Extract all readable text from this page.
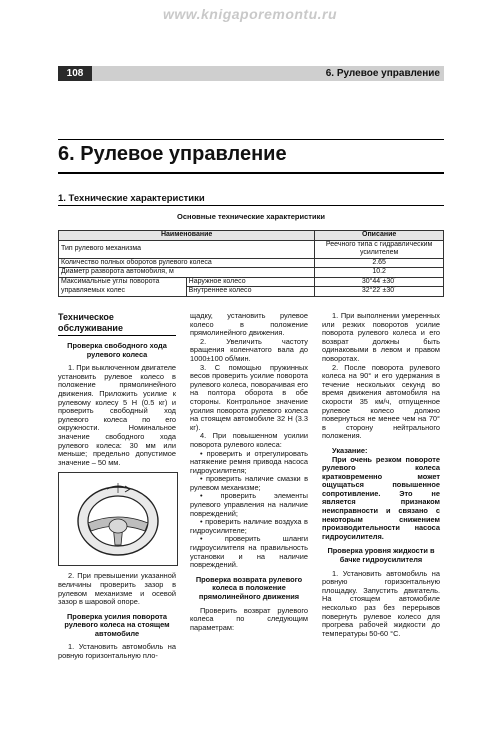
www.knigaporemontu.ru
108	6. Рулевое управление
6. Рулевое управление
1. Технические характеристики
Основные технические характеристики
Наименование		Описание
Тип рулевого механизма		Реечного типа с гидравлическим усилителем
Количество полных оборотов рулевого колеса		2.65
Диаметр разворота автомобиля, м		10.2
Максимальные углы поворота управляемых колес	Наружное колесо	30°44´±30´
	Внутреннее колесо	32°22´±30´

Техническое обслуживание

Проверка свободного хода рулевого колеса

1. При выключенном двигателе установить рулевое колесо в положение прямолинейного движения. Приложить усилие к рулевому колесу 5 Н (0.5 кг) и проверить свободный ход рулевого колеса по его окружности. Номинальное значение свободного хода рулевого колеса: 30 мм или меньше; предельно допустимое значение – 50 мм.

2. При превышении указанной величины проверить зазор в рулевом механизме и осевой зазор в шаровой опоре.

Проверка усилия поворота рулевого колеса на стоящем автомобиле

1. Установить автомобиль на ровную горизонтальную пло-

щадку, установить рулевое колесо в положение прямолинейного движения.

2. Увеличить частоту вращения коленчатого вала до 1000±100 об/мин.

3. С помощью пружинных весов проверить усилие поворота рулевого колеса, поворачивая его на полтора оборота в обе стороны. Контрольное значение усилия поворота рулевого колеса на стоящем автомобиле 32 Н (3.3 кг).

4. При повышенном усилии поворота рулевого колеса:

• проверить и отрегулировать натяжение ремня привода насоса гидроусилителя;

• проверить наличие смазки в рулевом механизме;

• проверить элементы рулевого управления на наличие повреждений;

• проверить наличие воздуха в гидроусилителе;

• проверить шланги гидроусилителя на правильность установки и на наличие повреждений.

Проверка возврата рулевого колеса в положение прямолинейного движения

Проверить возврат рулевого колеса по следующим параметрам:

1. При выполнении умеренных или резких поворотов усилие поворота рулевого колеса и его возврат должны быть одинаковыми в левом и правом поворотах.

2. После поворота рулевого колеса на 90° и его удержания в течение нескольких секунд во время движения автомобиля на скорости 35 км/ч, отпущенное рулевое колесо должно повернуться не менее чем на 70° в сторону нейтрального положения.

Указание:

При очень резком повороте рулевого колеса кратковременно может ощущаться повышенное сопротивление. Это не является признаком неисправности и связано с некоторым снижением производительности насоса гидроусилителя.

Проверка уровня жидкости в бачке гидроусилителя

1. Установить автомобиль на ровную горизонтальную площадку. Запустить двигатель. На стоящем автомобиле несколько раз без перерывов повернуть рулевое колесо для прогрева рабочей жидкости до температуры 50-60 °С.
